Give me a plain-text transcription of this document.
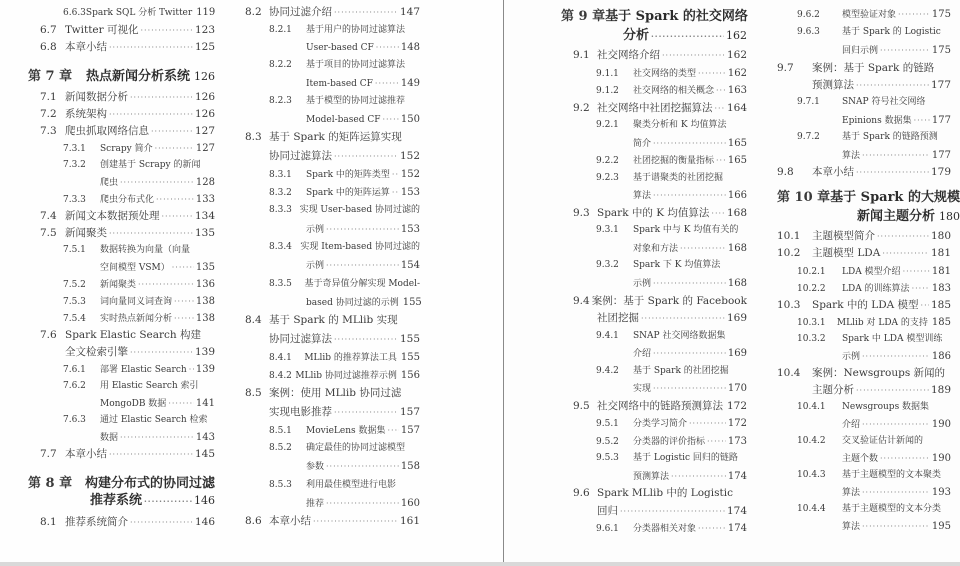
6.6.3 Spark SQL 分析 Twitter 119
6.7 Twitter 可视化 ·····	123
6.8 本章小结 ·····	125
第 7 章	热点新闻分析系统 126
7.1 新闻数据分析 ·····	126
7.2 系统架构 ·····	126
7.3 爬虫抓取网络信息 ·····	127
7.3.1	Scrapy 简介 ·····	127
7.3.2	创建基于 Scrapy 的新闻
爬虫 ·····	128
7.3.3	爬虫分布式化 ·····	133
7.4 新闻文本数据预处理 ·····	134
7.5 新闻聚类 ·····	135
7.5.1	数据转换为向量（向量
空间模型 VSM） ·····	135
7.5.2	新闻聚类 ·····	136
7.5.3	词向量同义词查询 ····· 138
7.5.4	实时热点新闻分析 ····· 138
7.6 Spark Elastic Search 构建
全文检索引擎 ·····	139
7.6.1	部署 Elastic Search ····· 139
7.6.2	用 Elastic Search 索引
MongoDB 数据 ·····	141
7.6.3	通过 Elastic Search 检索
数据 ·····	143
7.7 本章小结 ·····	145
第 8 章 构建分布式的协同过滤
推荐系统 ·····	146
8.1 推荐系统简介 ·····	146
8.2 协同过滤介绍 ·····	147
8.2.1	基于用户的协同过滤算法
User-based CF ·····	148
8.2.2	基于项目的协同过滤算法
Item-based CF ·····	149
8.2.3	基于模型的协同过滤推荐
Model-based CF ····· 150
8.3 基于 Spark 的矩阵运算实现
协同过滤算法 ·····	152
8.3.1	Spark 中的矩阵类型 ····· 152
8.3.2	Spark 中的矩阵运算 ····· 153
8.3.3 实现 User-based 协同过滤的
示例 ·····	153
8.3.4 实现 Item-based 协同过滤的
示例 ·····	154
8.3.5	基于奇异值分解实现 Model-
based 协同过滤的示例 155
8.4 基于 Spark 的 MLlib 实现
协同过滤算法 ·····	155
8.4.1	MLlib 的推荐算法工具 155
8.4.2 MLlib 协同过滤推荐示例 156
8.5 案例：使用 MLlib 协同过滤
实现电影推荐 ·····	157
8.5.1	MovieLens 数据集 ····· 157
8.5.2	确定最佳的协同过滤模型
参数 ·····	158
8.5.3	利用最佳模型进行电影
推荐 ·····	160
8.6 本章小结 ·····	161
第 9 章 基于 Spark 的社交网络
分析 ·····	162
9.1 社交网络介绍 ·····	162
9.1.1	社交网络的类型 ·····	162
9.1.2	社交网络的相关概念 ····· 163
9.2 社交网络中社团挖掘算法 ····· 164
9.2.1	聚类分析和 K 均值算法
简介 ·····	165
9.2.2	社团挖掘的衡量指标 ····· 165
9.2.3	基于谱聚类的社团挖掘
算法 ·····	166
9.3 Spark 中的 K 均值算法 ····· 168
9.3.1	Spark 中与 K 均值有关的
对象和方法 ·····	168
9.3.2	Spark 下 K 均值算法
示例 ·····	168
9.4 案例：基于 Spark 的 Facebook
社团挖掘 ·····	169
9.4.1	SNAP 社交网络数据集
介绍 ·····	169
9.4.2	基于 Spark 的社团挖掘
实现 ·····	170
9.5 社交网络中的链路预测算法 172
9.5.1	分类学习简介 ·····	172
9.5.2	分类器的评价指标 ····· 173
9.5.3	基于 Logistic 回归的链路
预测算法 ·····	174
9.6 Spark MLlib 中的 Logistic
回归 ·····	174
9.6.1	分类器相关对象 ·····	174
9.6.2	模型验证对象 ·····	175
9.6.3	基于 Spark 的 Logistic
回归示例 ·····	175
9.7	案例：基于 Spark 的链路
预测算法 ·····	177
9.7.1	SNAP 符号社交网络
Epinions 数据集 ····· 177
9.7.2	基于 Spark 的链路预测
算法 ·····	177
9.8	本章小结 ·····	179
第 10 章 基于 Spark 的大规模
新闻主题分析 180
10.1	主题模型简介 ·····	180
10.2	主题模型 LDA ·····	181
10.2.1	LDA 模型介绍 ·····	181
10.2.2	LDA 的训练算法 ····· 183
10.3	Spark 中的 LDA 模型 ····· 185
10.3.1	MLlib 对 LDA 的支持 185
10.3.2	Spark 中 LDA 模型训练
示例 ·····	186
10.4	案例：Newsgroups 新闻的
主题分析 ·····	189
10.4.1	Newsgroups 数据集
介绍 ·····	190
10.4.2	交叉验证估计新闻的
主题个数 ·····	190
10.4.3	基于主题模型的文本聚类
算法 ·····	193
10.4.4	基于主题模型的文本分类
算法 ·····	195
